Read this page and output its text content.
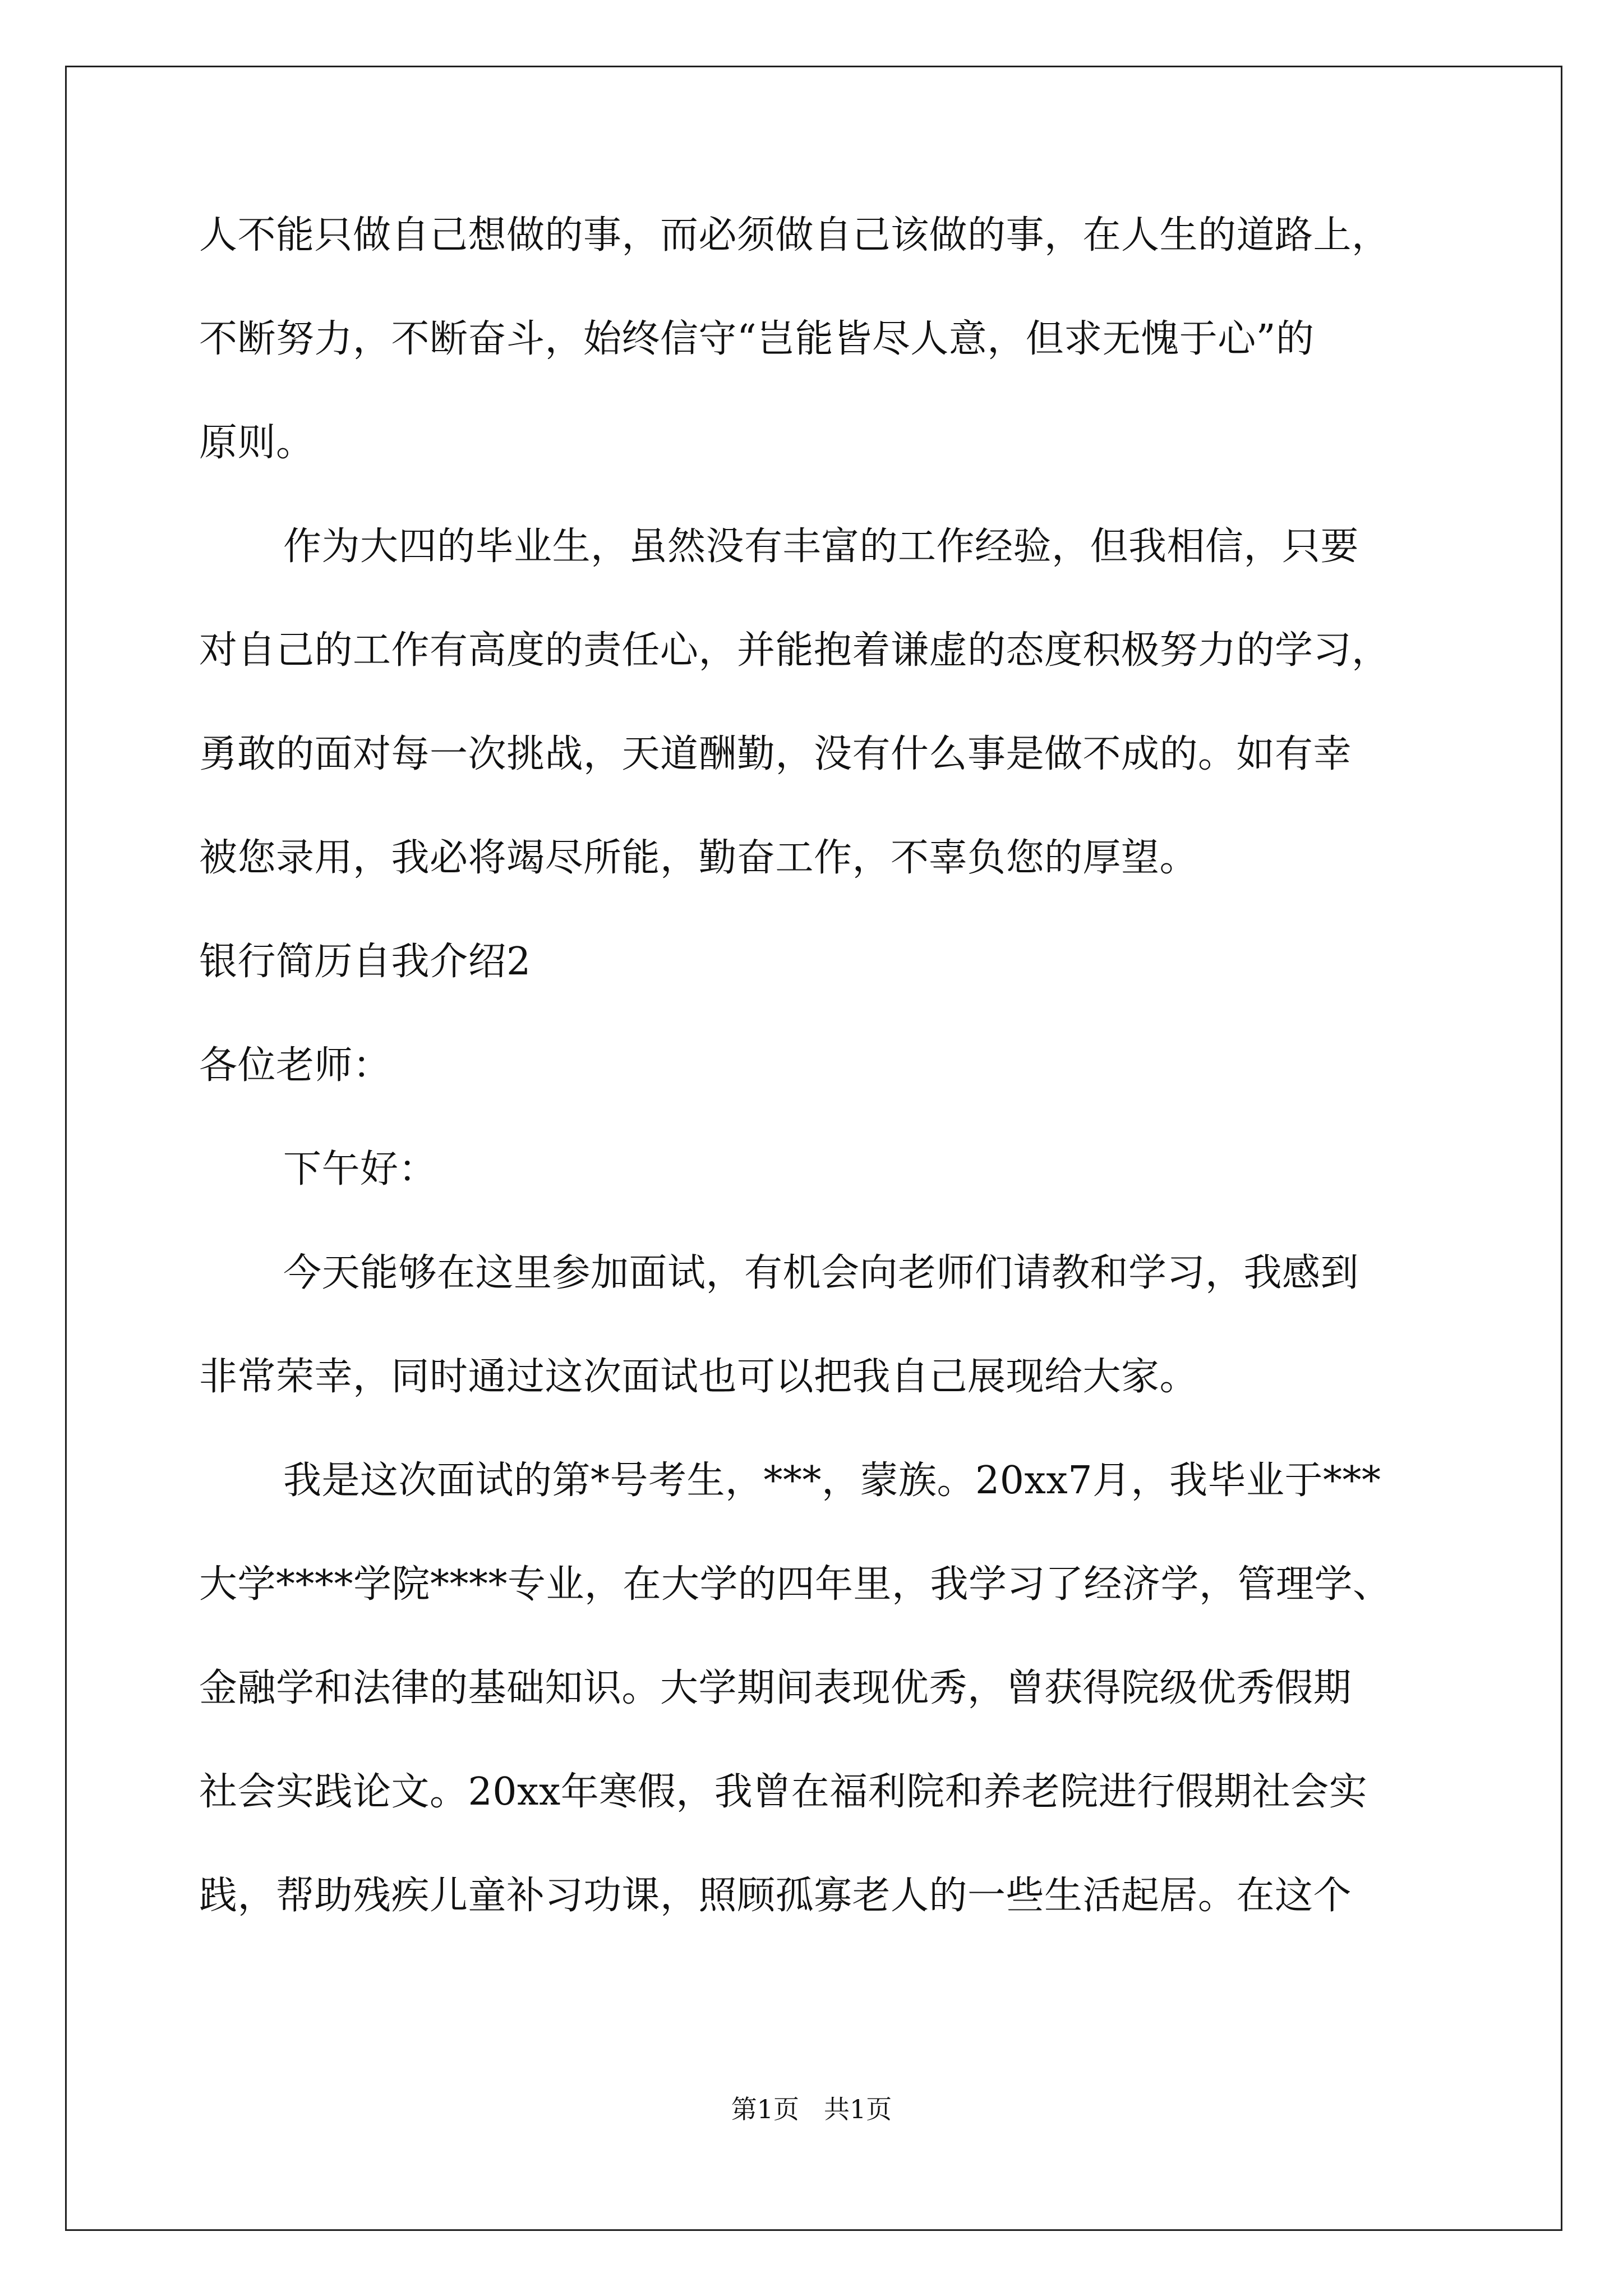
人不能只做自己想做的事，而必须做自己该做的事，在人生的道路上，
不断努力，不断奋斗，始终信守“岂能皆尽人意，但求无愧于心”的
原则。
作为大四的毕业生，虽然没有丰富的工作经验，但我相信，只要
对自己的工作有高度的责任心，并能抱着谦虚的态度积极努力的学习，
勇敢的面对每一次挑战，天道酬勤，没有什么事是做不成的。如有幸
被您录用，我必将竭尽所能，勤奋工作，不辜负您的厚望。
银行简历自我介绍2
各位老师：
下午好：
今天能够在这里参加面试，有机会向老师们请教和学习，我感到
非常荣幸，同时通过这次面试也可以把我自己展现给大家。
我是这次面试的第*号考生，***，蒙族。20xx7月，我毕业于***
大学****学院****专业，在大学的四年里，我学习了经济学，管理学、
金融学和法律的基础知识。大学期间表现优秀，曾获得院级优秀假期
社会实践论文。20xx年寒假，我曾在福利院和养老院进行假期社会实
践，帮助残疾儿童补习功课，照顾孤寡老人的一些生活起居。在这个
第1页 共1页
